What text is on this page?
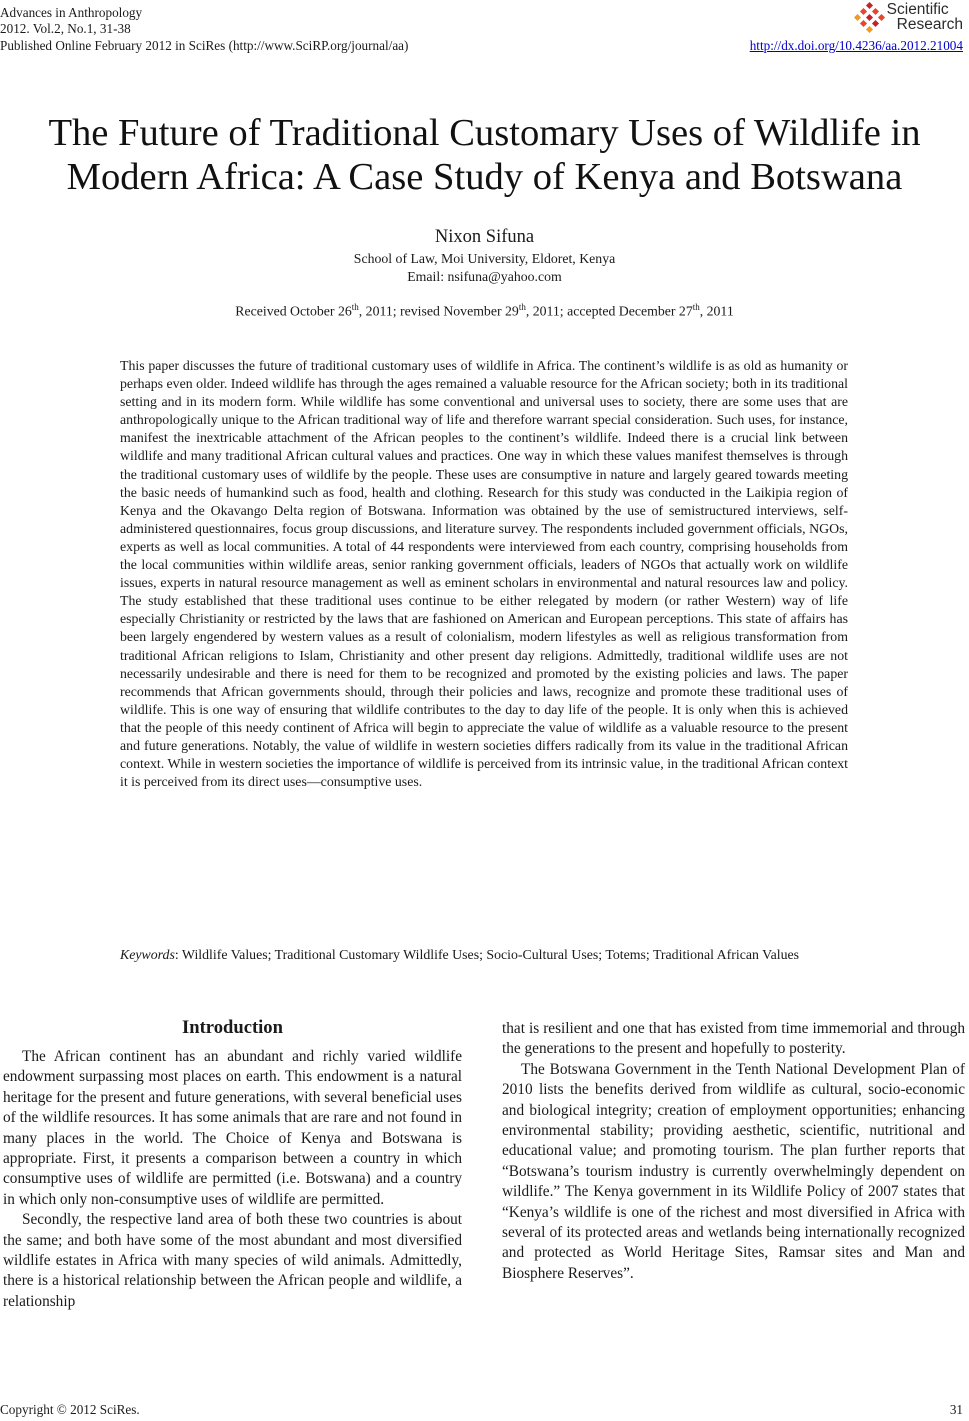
Advances in Anthropology
2012. Vol.2, No.1, 31-38
Published Online February 2012 in SciRes (http://www.SciRP.org/journal/aa)
Scientific
Research
http://dx.doi.org/10.4236/aa.2012.21004
The Future of Traditional Customary Uses of Wildlife in
Modern Africa: A Case Study of Kenya and Botswana
Nixon Sifuna
School of Law, Moi University, Eldoret, Kenya
Email: nsifuna@yahoo.com
Received October 26th, 2011; revised November 29th, 2011; accepted December 27th, 2011
This paper discusses the future of traditional customary uses of wildlife in Africa. The continent’s wildlife is as old as humanity or perhaps even older. Indeed wildlife has through the ages remained a valuable resource for the African society; both in its traditional setting and in its modern form. While wildlife has some conventional and universal uses to society, there are some uses that are anthropologically unique to the African traditional way of life and therefore warrant special consideration. Such uses, for instance, manifest the inextricable attachment of the African peoples to the continent’s wildlife. Indeed there is a crucial link between wildlife and many traditional African cultural values and practices. One way in which these values manifest themselves is through the traditional customary uses of wildlife by the people. These uses are consumptive in nature and largely geared towards meeting the basic needs of humankind such as food, health and clothing. Research for this study was conducted in the Laikipia region of Kenya and the Okavango Delta region of Botswana. Information was obtained by the use of semistructured interviews, self-administered questionnaires, focus group discussions, and literature survey. The respondents included government officials, NGOs, experts as well as local communities. A total of 44 respondents were interviewed from each country, comprising households from the local communities within wildlife areas, senior ranking government officials, leaders of NGOs that actually work on wildlife issues, experts in natural resource management as well as eminent scholars in environmental and natural resources law and policy. The study established that these traditional uses continue to be either relegated by modern (or rather Western) way of life especially Christianity or restricted by the laws that are fashioned on American and European perceptions. This state of affairs has been largely engendered by western values as a result of colonialism, modern lifestyles as well as religious transformation from traditional African religions to Islam, Christianity and other present day religions. Admittedly, traditional wildlife uses are not necessarily undesirable and there is need for them to be recognized and promoted by the existing policies and laws. The paper recommends that African governments should, through their policies and laws, recognize and promote these traditional uses of wildlife. This is one way of ensuring that wildlife contributes to the day to day life of the people. It is only when this is achieved that the people of this needy continent of Africa will begin to appreciate the value of wildlife as a valuable resource to the present and future generations. Notably, the value of wildlife in western societies differs radically from its value in the traditional African context. While in western societies the importance of wildlife is perceived from its intrinsic value, in the traditional African context it is perceived from its direct uses—consumptive uses.
Keywords: Wildlife Values; Traditional Customary Wildlife Uses; Socio-Cultural Uses; Totems; Traditional African Values
Introduction

The African continent has an abundant and richly varied wildlife endowment surpassing most places on earth. This endowment is a natural heritage for the present and future generations, with several beneficial uses of the wildlife resources. It has some animals that are rare and not found in many places in the world. The Choice of Kenya and Botswana is appropriate. First, it presents a comparison between a country in which consumptive uses of wildlife are permitted (i.e. Botswana) and a country in which only non-consumptive uses of wildlife are permitted.

Secondly, the respective land area of both these two countries is about the same; and both have some of the most abundant and most diversified wildlife estates in Africa with many species of wild animals. Admittedly, there is a historical relationship between the African people and wildlife, a relationship

that is resilient and one that has existed from time immemorial and through the generations to the present and hopefully to posterity.

The Botswana Government in the Tenth National Development Plan of 2010 lists the benefits derived from wildlife as cultural, socio-economic and biological integrity; creation of employment opportunities; enhancing environmental stability; providing aesthetic, scientific, nutritional and educational value; and promoting tourism. The plan further reports that “Botswana’s tourism industry is currently overwhelmingly dependent on wildlife.” The Kenya government in its Wildlife Policy of 2007 states that “Kenya’s wildlife is one of the richest and most diversified in Africa with several of its protected areas and wetlands being internationally recognized and protected as World Heritage Sites, Ramsar sites and Man and Biosphere Reserves”.

Copyright © 2012 SciRes.	31
